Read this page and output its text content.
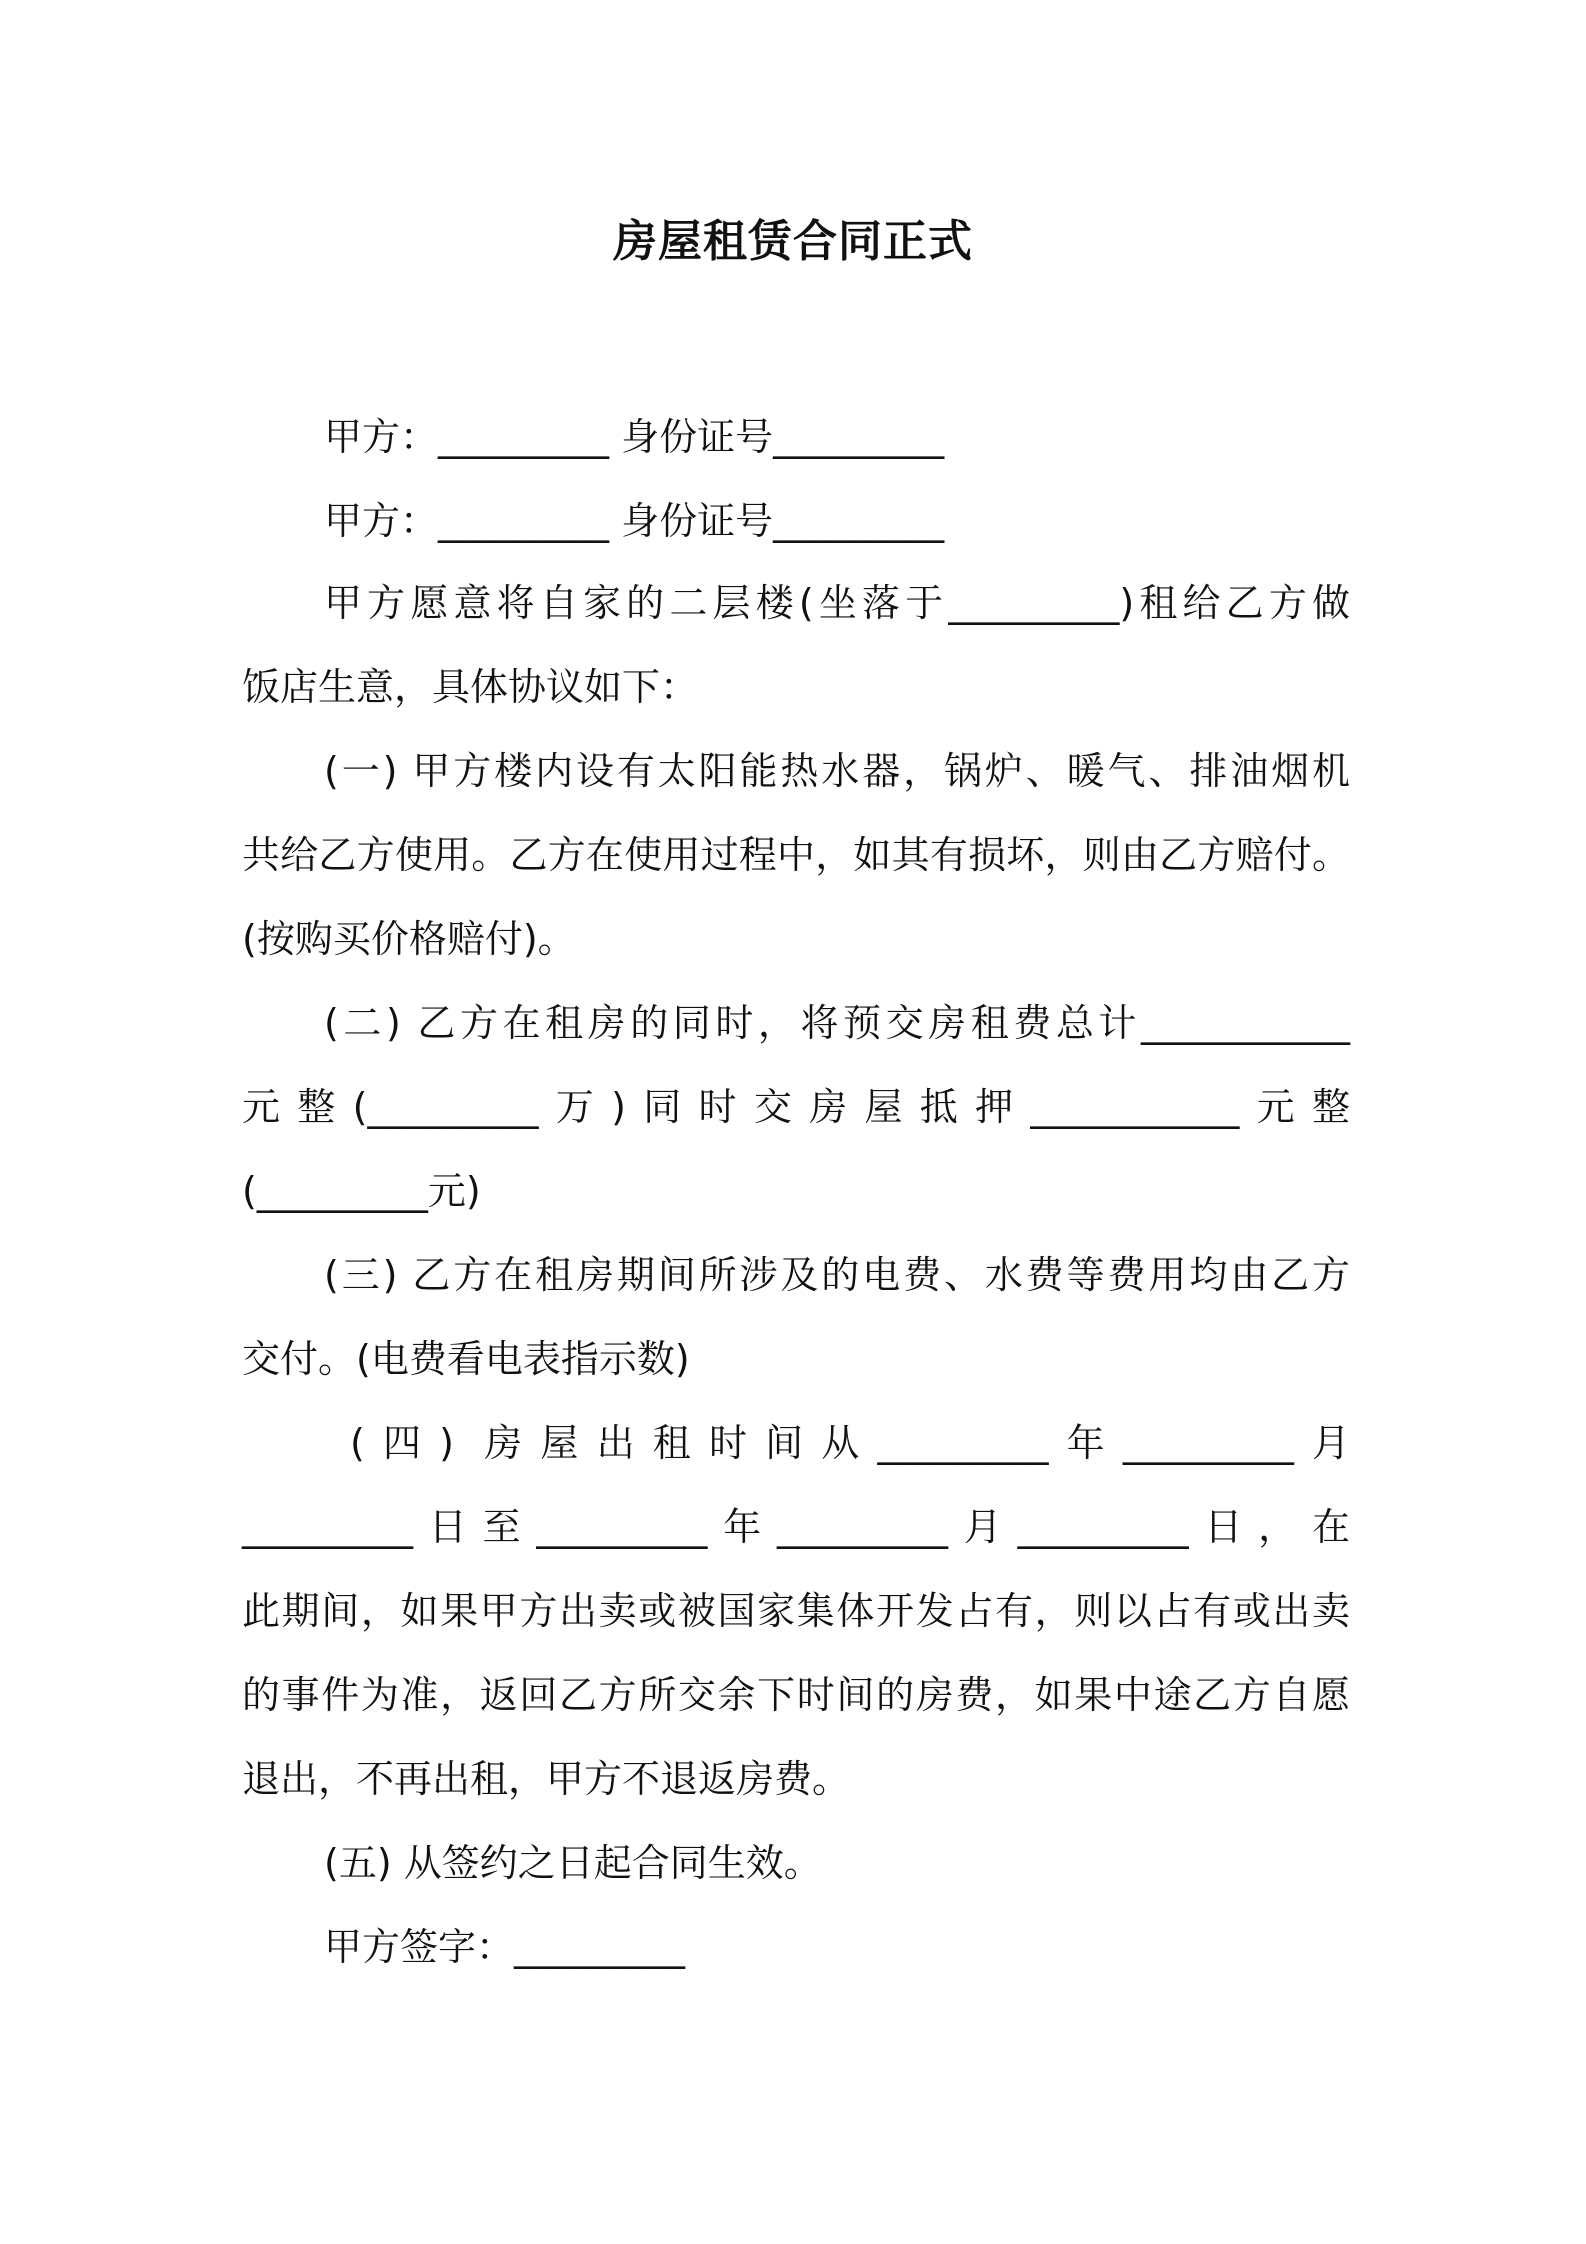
房屋租赁合同正式
甲方：_________ 身份证号_________
甲方：_________ 身份证号_________
甲方愿意将自家的二层楼(坐落于_________)租给乙方做
饭店生意，具体协议如下：
(一) 甲方楼内设有太阳能热水器，锅炉、暖气、排油烟机
共给乙方使用。乙方在使用过程中，如其有损坏，则由乙方赔付。
(按购买价格赔付)。
(二) 乙方在租房的同时，将预交房租费总计___________
元整(_________万)同时交房屋抵押___________元整
(_________元)
(三) 乙方在租房期间所涉及的电费、水费等费用均由乙方
交付。(电费看电表指示数)
(四) 房屋出租时间从_________年_________月
_________日至_________年_________月_________日，在
此期间，如果甲方出卖或被国家集体开发占有，则以占有或出卖
的事件为准，返回乙方所交余下时间的房费，如果中途乙方自愿
退出，不再出租，甲方不退返房费。
(五) 从签约之日起合同生效。
甲方签字：_________
